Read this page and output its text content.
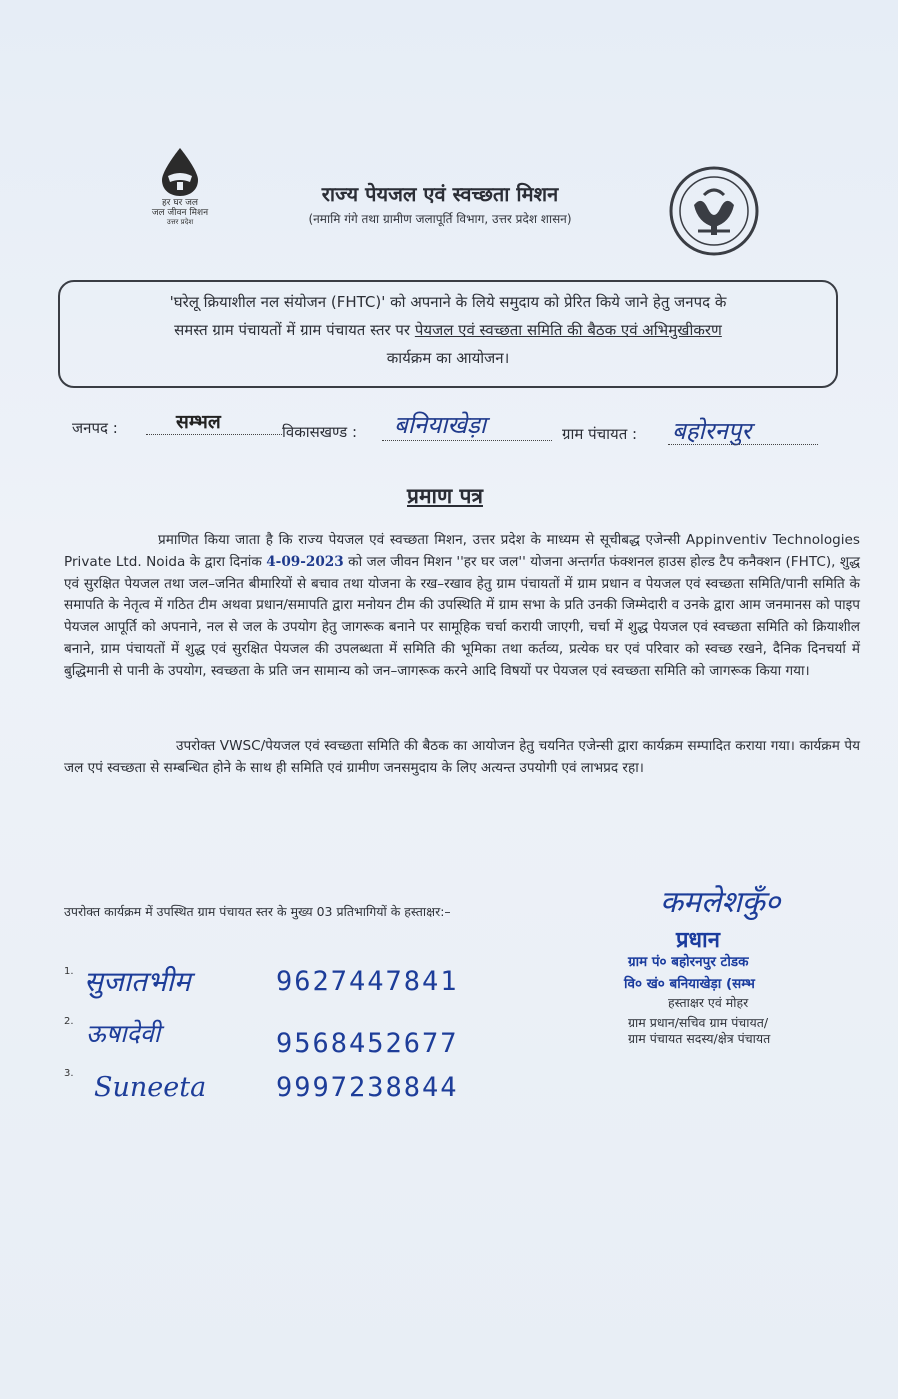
हर घर जल
जल जीवन मिशन
उत्तर प्रदेश
राज्य पेयजल एवं स्वच्छता मिशन
(नमामि गंगे तथा ग्रामीण जलापूर्ति विभाग, उत्तर प्रदेश शासन)
'घरेलू क्रियाशील नल संयोजन (FHTC)' को अपनाने के लिये समुदाय को प्रेरित किये जाने हेतु जनपद के
समस्त ग्राम पंचायतों में ग्राम पंचायत स्तर पर पेयजल एवं स्वच्छता समिति की बैठक एवं अभिमुखीकरण
कार्यक्रम का आयोजन।
जनपद :	सम्भल	विकासखण्ड : बनियाखेड़ा	ग्राम पंचायत : बहोरनपुर
प्रमाण पत्र
प्रमाणित किया जाता है कि राज्य पेयजल एवं स्वच्छता मिशन, उत्तर प्रदेश के माध्यम से सूचीबद्ध एजेन्सी Appinventiv Technologies Private Ltd. Noida के द्वारा दिनांक 4-09-2023 को जल जीवन मिशन ''हर घर जल'' योजना अन्तर्गत फंक्शनल हाउस होल्ड टैप कनैक्शन (FHTC), शुद्ध एवं सुरक्षित पेयजल तथा जल–जनित बीमारियों से बचाव तथा योजना के रख–रखाव हेतु ग्राम पंचायतों में ग्राम प्रधान व पेयजल एवं स्वच्छता समिति/पानी समिति के समापति के नेतृत्व में गठित टीम अथवा प्रधान/समापति द्वारा मनोयन टीम की उपस्थिति में ग्राम सभा के प्रति उनकी जिम्मेदारी व उनके द्वारा आम जनमानस को पाइप पेयजल आपूर्ति को अपनाने, नल से जल के उपयोग हेतु जागरूक बनाने पर सामूहिक चर्चा करायी जाएगी, चर्चा में शुद्ध पेयजल एवं स्वच्छता समिति को क्रियाशील बनाने, ग्राम पंचायतों में शुद्ध एवं सुरक्षित पेयजल की उपलब्धता में समिति की भूमिका तथा कर्तव्य, प्रत्येक घर एवं परिवार को स्वच्छ रखने, दैनिक दिनचर्या में बुद्धिमानी से पानी के उपयोग, स्वच्छता के प्रति जन सामान्य को जन–जागरूक करने आदि विषयों पर पेयजल एवं स्वच्छता समिति को जागरूक किया गया।
उपरोक्त VWSC/पेयजल एवं स्वच्छता समिति की बैठक का आयोजन हेतु चयनित एजेन्सी द्वारा कार्यक्रम सम्पादित कराया गया। कार्यक्रम पेय जल एपं स्वच्छता से सम्बन्धित होने के साथ ही समिति एवं ग्रामीण जनसमुदाय के लिए अत्यन्त उपयोगी एवं लाभप्रद रहा।
उपरोक्त कार्यक्रम में उपस्थित ग्राम पंचायत स्तर के मुख्य 03 प्रतिभागियों के हस्ताक्षर:–
1. सुजातभीम	9627447841
2. ऊषादेवी	9568452677
3. Suneeta	9997238844
कमलेशकुँ०
प्रधान
ग्राम पं० बहोरनपुर टोडक
वि० खं० बनियाखेड़ा (सम्भ
हस्ताक्षर एवं मोहर
ग्राम प्रधान/सचिव ग्राम पंचायत/
ग्राम पंचायत सदस्य/क्षेत्र पंचायत
